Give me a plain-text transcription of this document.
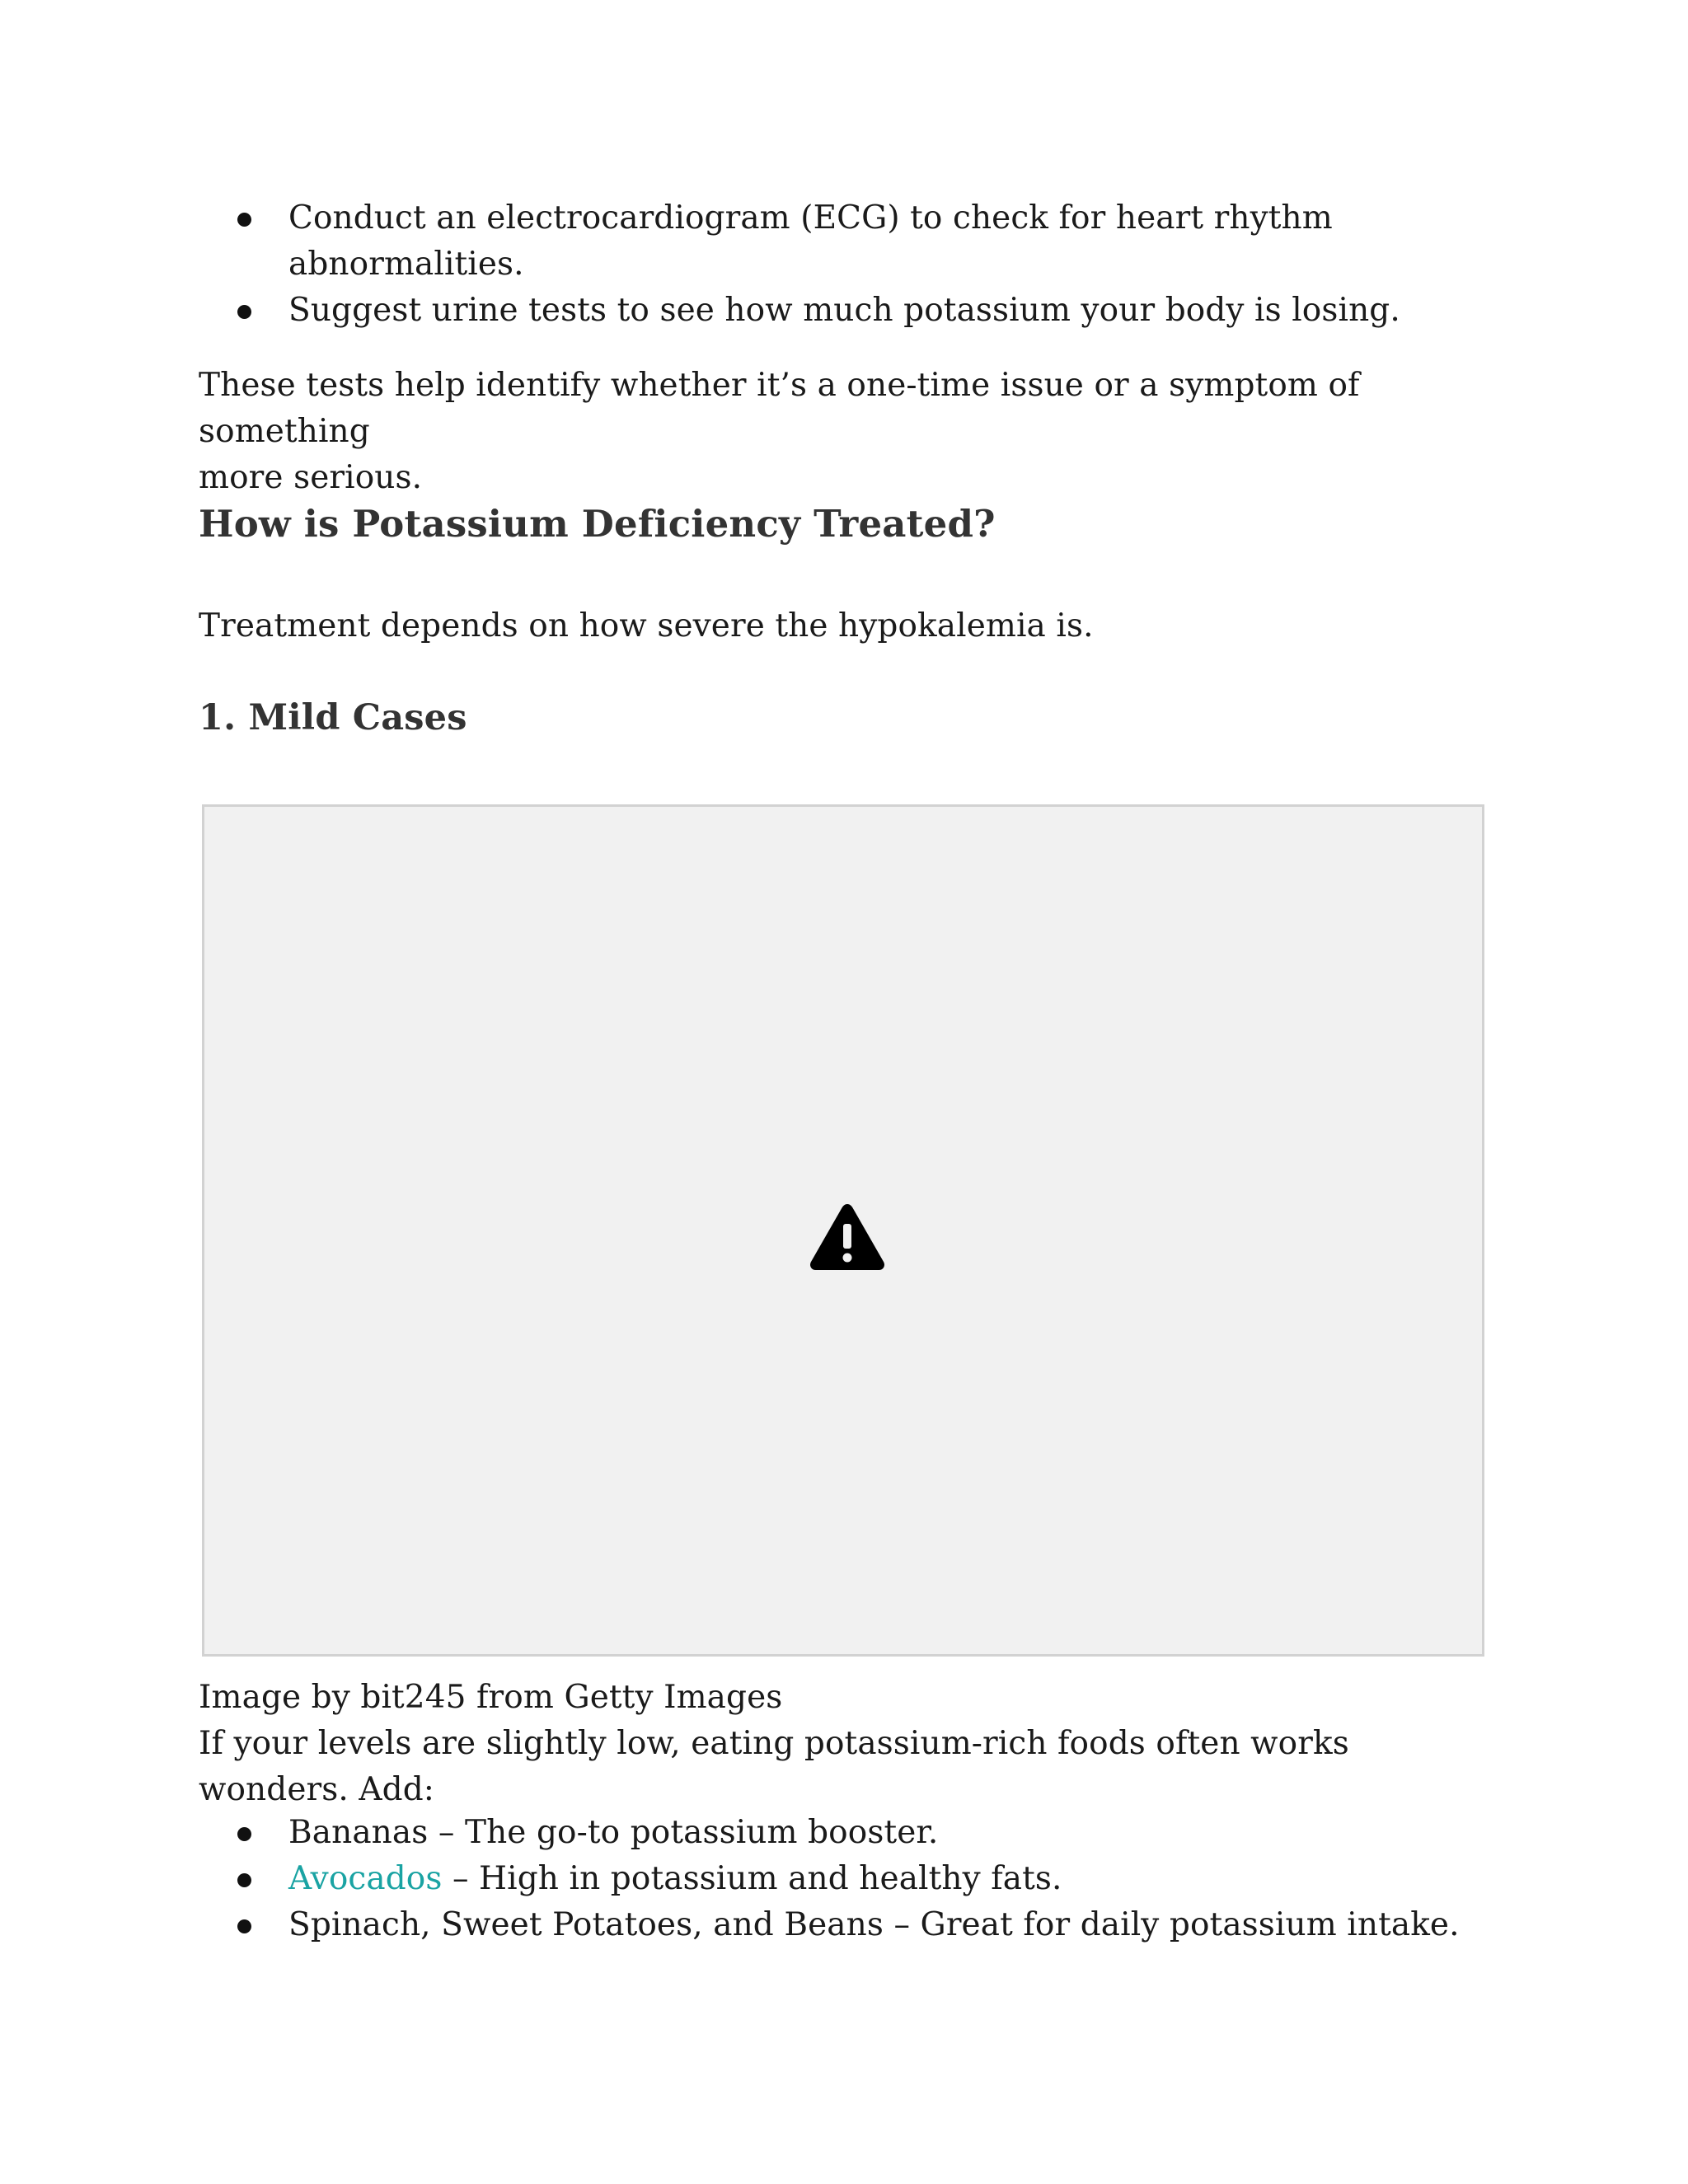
Conduct an electrocardiogram (ECG) to check for heart rhythm
abnormalities.
Suggest urine tests to see how much potassium your body is losing.

These tests help identify whether it’s a one-time issue or a symptom of something
more serious.

How is Potassium Deficiency Treated?

Treatment depends on how severe the hypokalemia is.

1. Mild Cases

Image by bit245 from Getty Images

If your levels are slightly low, eating potassium-rich foods often works wonders. Add:

Bananas – The go-to potassium booster.
Avocados – High in potassium and healthy fats.
Spinach, Sweet Potatoes, and Beans – Great for daily potassium intake.
